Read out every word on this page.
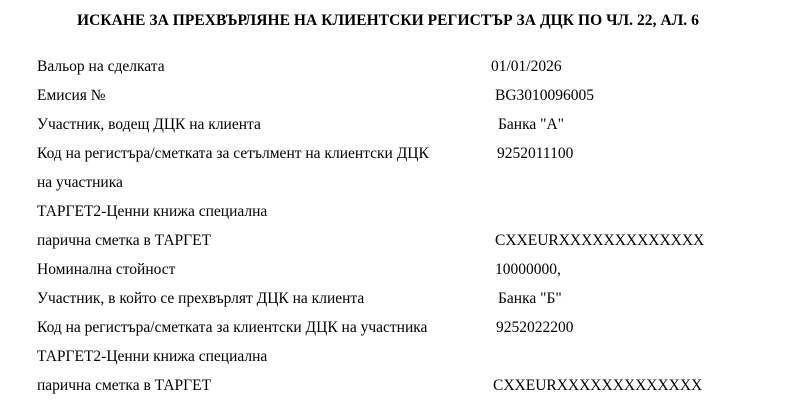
ИСКАНЕ ЗА ПРЕХВЪРЛЯНЕ НА КЛИЕНТСКИ РЕГИСТЪР ЗА ДЦК ПО ЧЛ. 22, АЛ. 6
Вальор на сделката	01/01/2026
Емисия №	BG3010096005
Участник, водещ ДЦК на клиента	Банка "А"
Код на регистъра/сметката за сетълмент на клиентски ДЦК	9252011100
на участника
ТАРГЕТ2-Ценни книжа специална
парична сметка в ТАРГЕТ	CXXEURXXXXXXXXXXXXX
Номинална стойност	10000000,
Участник, в който се прехвърлят ДЦК на клиента	Банка "Б"
Код на регистъра/сметката за клиентски ДЦК на участника	9252022200
ТАРГЕТ2-Ценни книжа специална
парична сметка в ТАРГЕТ	CXXEURXXXXXXXXXXXXX
